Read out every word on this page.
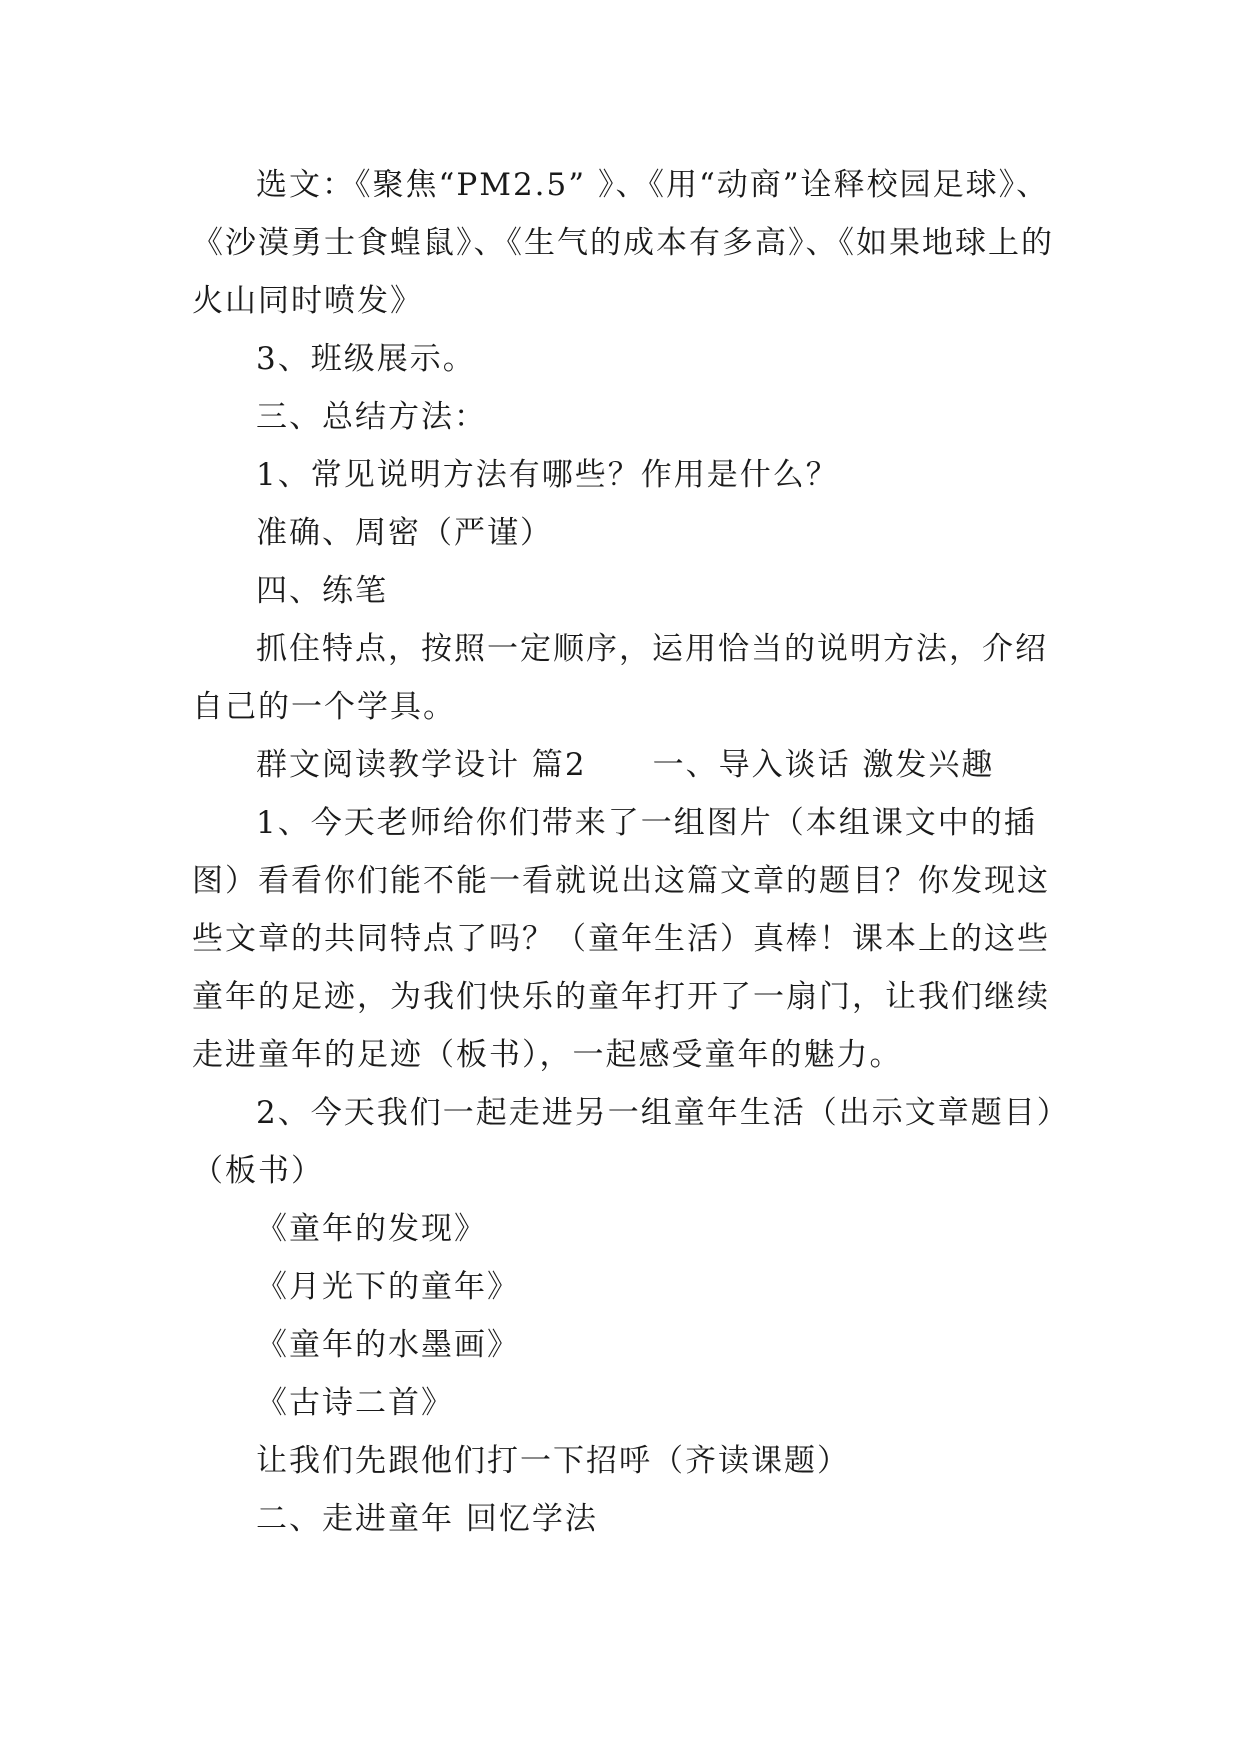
选文：《聚焦“PM2.5” 》、《用“动商”诠释校园足球》、《沙漠勇士食蝗鼠》、《生气的成本有多高》、《如果地球上的火山同时喷发》

3、班级展示。

三、总结方法：

1、常见说明方法有哪些？作用是什么？

准确、周密（严谨）

四、练笔

抓住特点，按照一定顺序，运用恰当的说明方法，介绍自己的一个学具。

群文阅读教学设计 篇2　　一、导入谈话 激发兴趣

1、今天老师给你们带来了一组图片（本组课文中的插图）看看你们能不能一看就说出这篇文章的题目？你发现这些文章的共同特点了吗？（童年生活）真棒！课本上的这些童年的足迹，为我们快乐的童年打开了一扇门，让我们继续走进童年的足迹（板书），一起感受童年的魅力。

2、今天我们一起走进另一组童年生活（出示文章题目）（板书）

《童年的发现》

《月光下的童年》

《童年的水墨画》

《古诗二首》

让我们先跟他们打一下招呼（齐读课题）

二、走进童年 回忆学法
